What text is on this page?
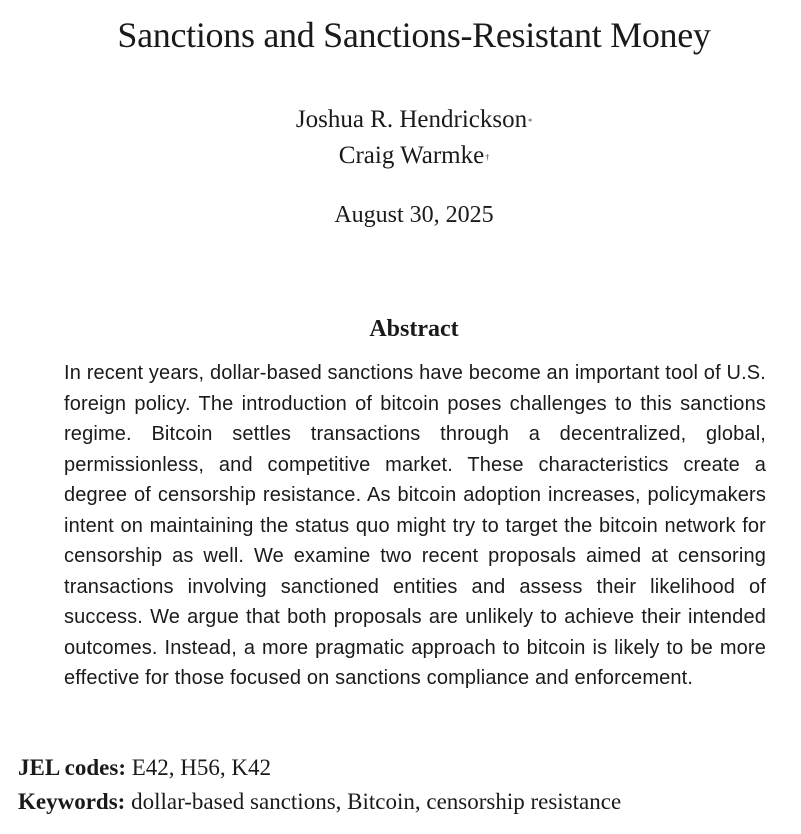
Sanctions and Sanctions-Resistant Money
Joshua R. Hendrickson*
Craig Warmke†
August 30, 2025
Abstract
In recent years, dollar-based sanctions have become an important tool of U.S. foreign policy. The introduction of bitcoin poses challenges to this sanctions regime. Bitcoin settles transactions through a decentralized, global, permissionless, and competitive market. These characteristics create a degree of censorship resistance. As bitcoin adoption increases, policymakers intent on maintaining the status quo might try to target the bitcoin network for censorship as well. We examine two recent proposals aimed at censoring transactions involving sanctioned entities and assess their likelihood of success. We argue that both proposals are unlikely to achieve their intended outcomes. Instead, a more pragmatic approach to bitcoin is likely to be more effective for those focused on sanctions compliance and enforcement.
JEL codes: E42, H56, K42
Keywords: dollar-based sanctions, Bitcoin, censorship resistance
